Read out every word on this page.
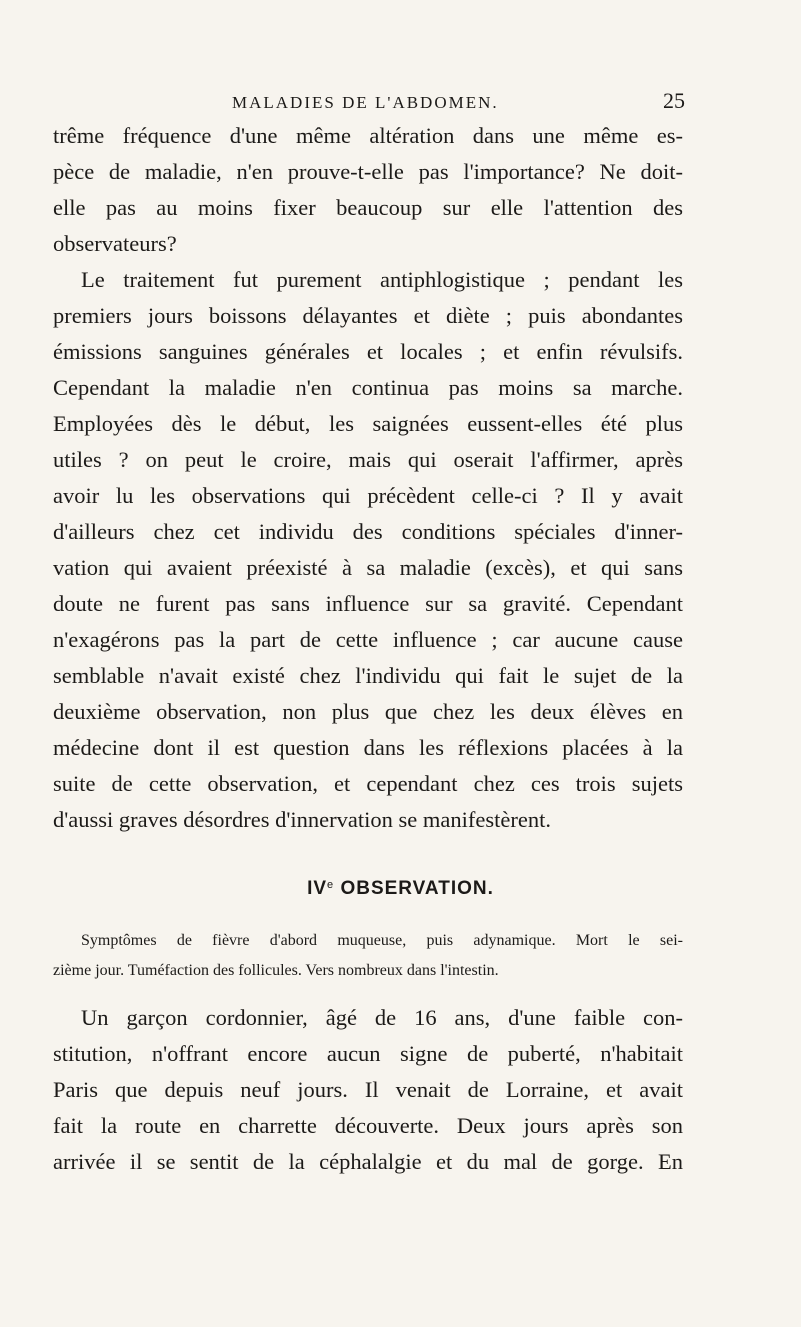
MALADIES DE L'ABDOMEN.	25
trême fréquence d'une même altération dans une même es-
pèce de maladie, n'en prouve-t-elle pas l'importance? Ne doit-
elle pas au moins fixer beaucoup sur elle l'attention des
observateurs?
Le traitement fut purement antiphlogistique ; pendant les
premiers jours boissons délayantes et diète ; puis abondantes
émissions sanguines générales et locales ; et enfin révulsifs.
Cependant la maladie n'en continua pas moins sa marche.
Employées dès le début, les saignées eussent-elles été plus
utiles ? on peut le croire, mais qui oserait l'affirmer, après
avoir lu les observations qui précèdent celle-ci ? Il y avait
d'ailleurs chez cet individu des conditions spéciales d'inner-
vation qui avaient préexisté à sa maladie (excès), et qui sans
doute ne furent pas sans influence sur sa gravité. Cependant
n'exagérons pas la part de cette influence ; car aucune cause
semblable n'avait existé chez l'individu qui fait le sujet de la
deuxième observation, non plus que chez les deux élèves en
médecine dont il est question dans les réflexions placées à la
suite de cette observation, et cependant chez ces trois sujets
d'aussi graves désordres d'innervation se manifestèrent.
IVe OBSERVATION.
Symptômes de fièvre d'abord muqueuse, puis adynamique. Mort le sei-
zième jour. Tuméfaction des follicules. Vers nombreux dans l'intestin.
Un garçon cordonnier, âgé de 16 ans, d'une faible con-
stitution, n'offrant encore aucun signe de puberté, n'habitait
Paris que depuis neuf jours. Il venait de Lorraine, et avait
fait la route en charrette découverte. Deux jours après son
arrivée il se sentit de la céphalalgie et du mal de gorge. En
